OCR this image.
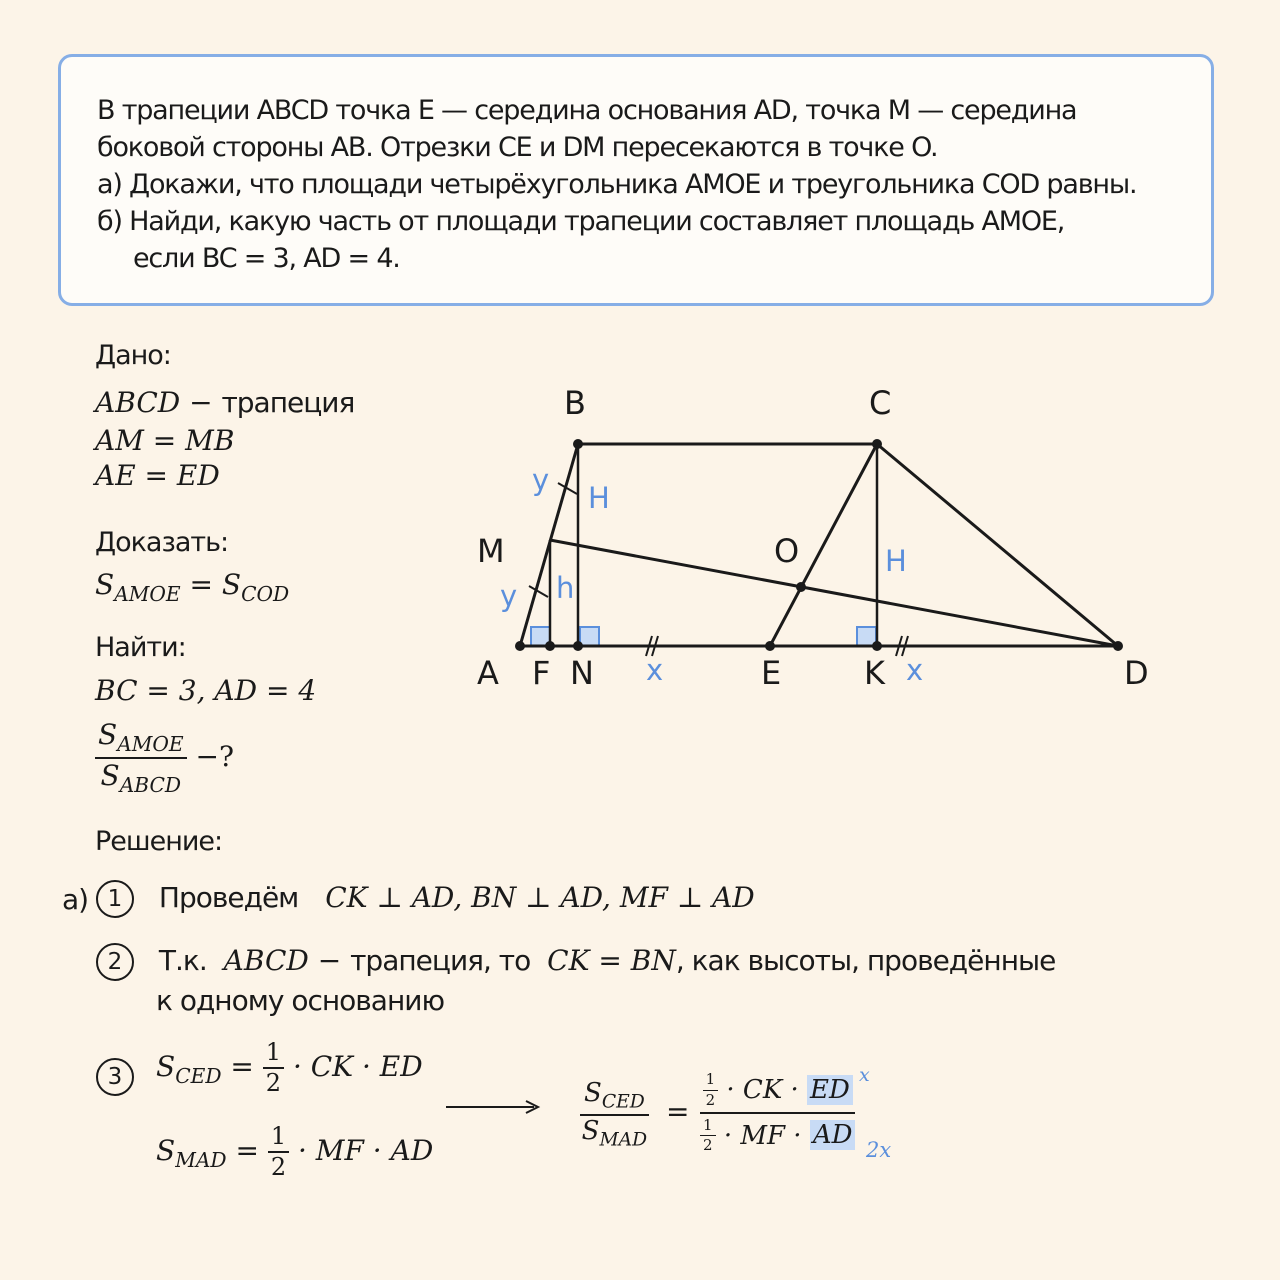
В трапеции ABCD точка E — середина основания AD, точка M — середина
боковой стороны AB. Отрезки CE и DM пересекаются в точке O.
а) Докажи, что площади четырёхугольника AMOE и треугольника COD равны.
б) Найди, какую часть от площади трапеции составляет площадь AMOE,
если BC = 3, AD = 4.
Дано:
ABCD − трапеция
AM = MB
AE = ED
Доказать:
$S_{AMOE} = S_{COD}$
Найти:
BC = 3, AD = 4
$\frac{S_{AMOE}}{S_{ABCD}}$ −?
B	C
M	O
A F N	E	K	D
y
y
H
H
h
x	x
Решение:
а) 1 Проведём CK ⊥ AD, BN ⊥ AD, MF ⊥ AD
2 Т.к. ABCD − трапеция, то CK = BN, как высоты, проведённые
к одному основанию
3	$S_{CED} = \frac{1}{2}$ · CK · ED
$S_{MAD} = \frac{1}{2}$ · MF · AD
$\frac{S_{CED}}{S_{MAD}} = \frac{\frac{1}{2} \cdot CK \cdot ED}{\frac{1}{2} \cdot MF \cdot AD}$ x
2x
